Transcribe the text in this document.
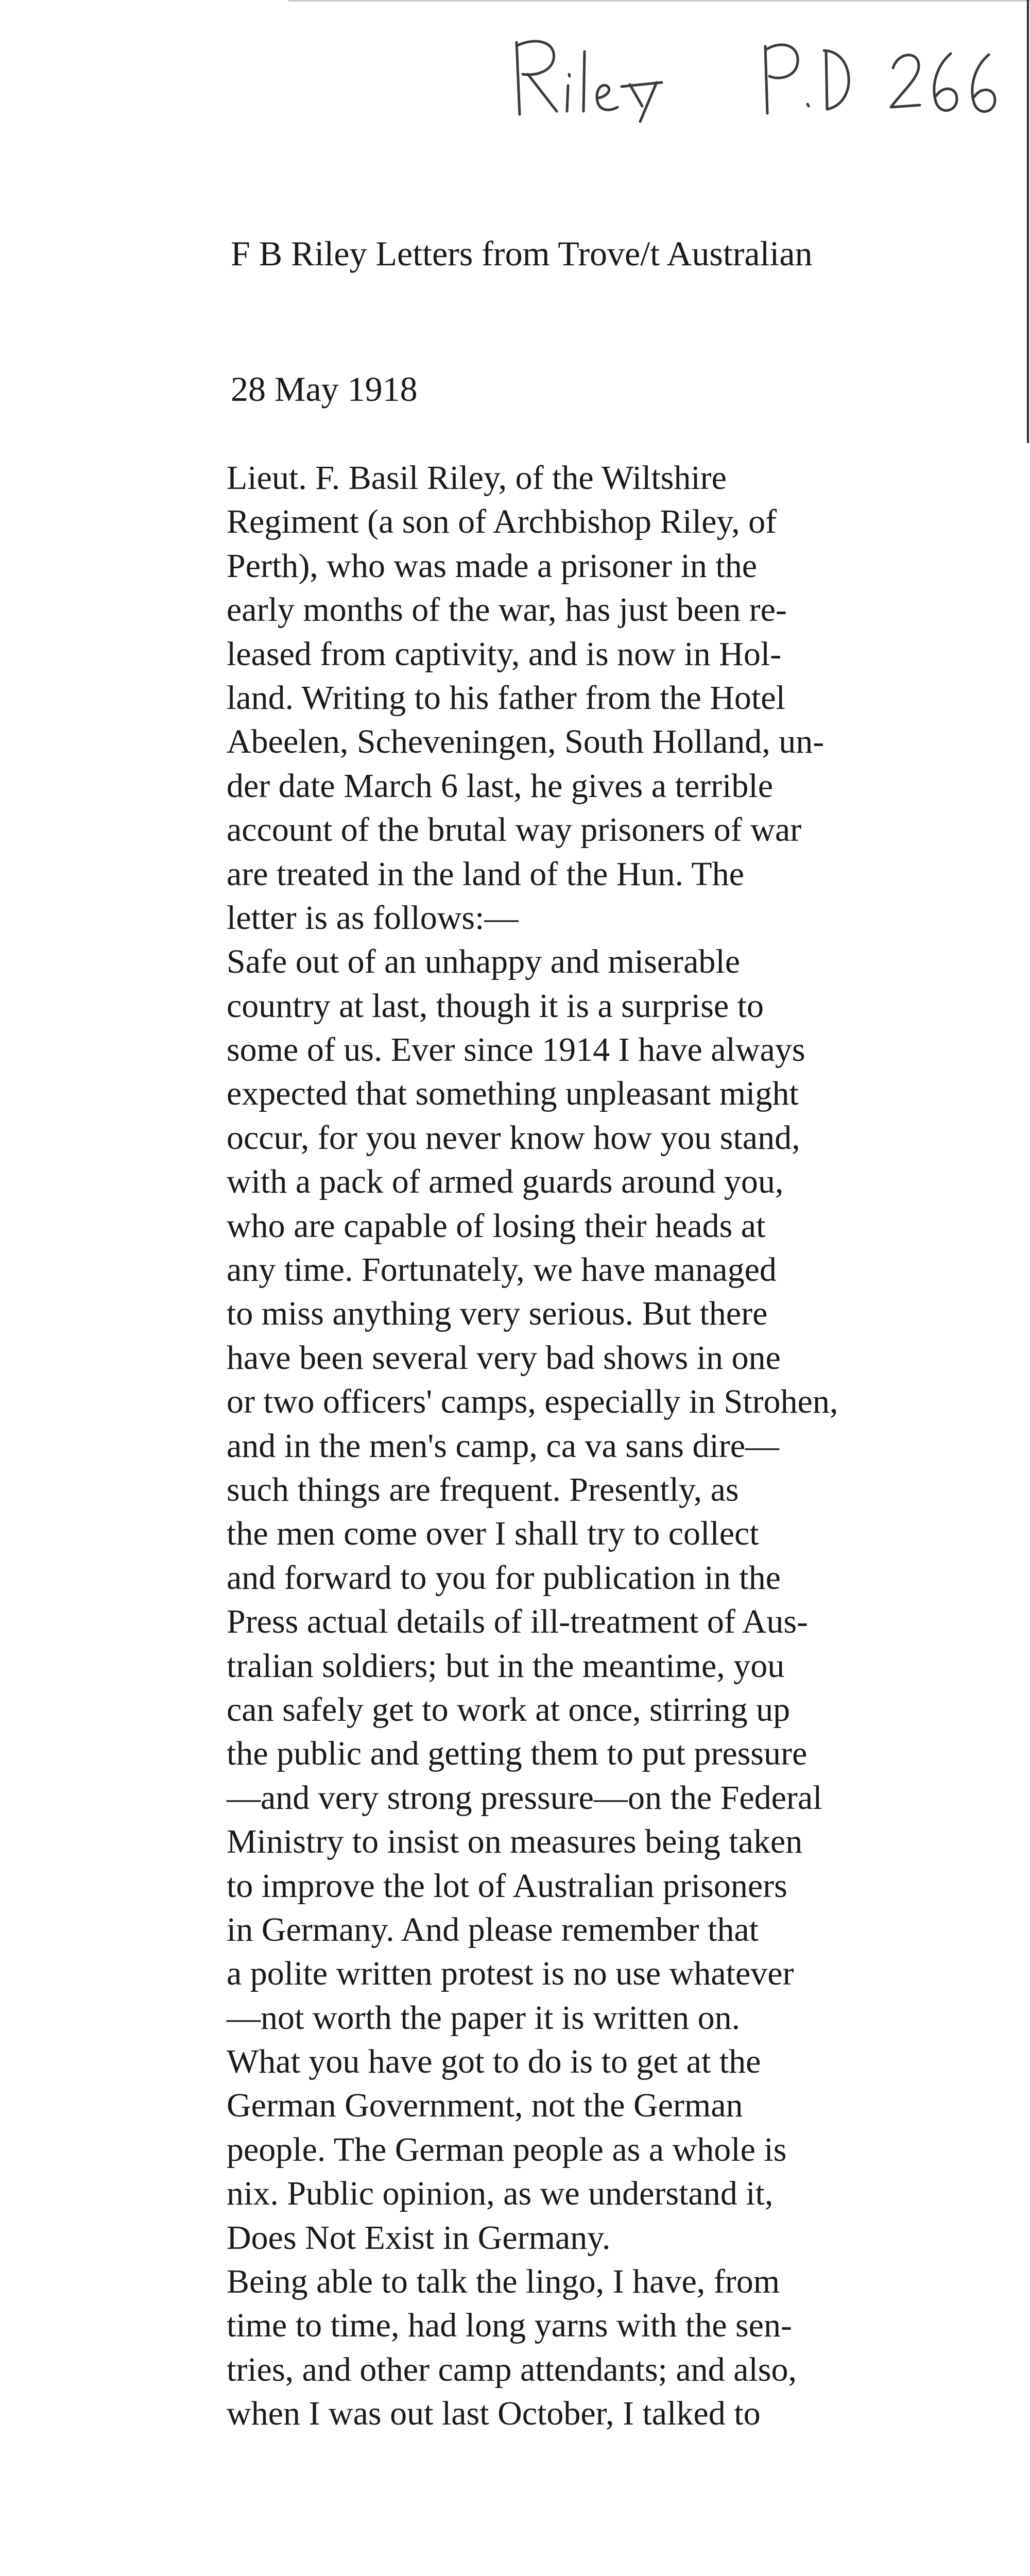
F B Riley Letters from Trove/t Australian
28 May 1918
Lieut. F. Basil Riley, of the Wiltshire
Regiment (a son of Archbishop Riley, of
Perth), who was made a prisoner in the
early months of the war, has just been re-
leased from captivity, and is now in Hol-
land. Writing to his father from the Hotel
Abeelen, Scheveningen, South Holland, un-
der date March 6 last, he gives a terrible
account of the brutal way prisoners of war
are treated in the land of the Hun. The
letter is as follows:—
Safe out of an unhappy and miserable
country at last, though it is a surprise to
some of us. Ever since 1914 I have always
expected that something unpleasant might
occur, for you never know how you stand,
with a pack of armed guards around you,
who are capable of losing their heads at
any time. Fortunately, we have managed
to miss anything very serious. But there
have been several very bad shows in one
or two officers' camps, especially in Strohen,
and in the men's camp, ca va sans dire—
such things are frequent. Presently, as
the men come over I shall try to collect
and forward to you for publication in the
Press actual details of ill-treatment of Aus-
tralian soldiers; but in the meantime, you
can safely get to work at once, stirring up
the public and getting them to put pressure
—and very strong pressure—on the Federal
Ministry to insist on measures being taken
to improve the lot of Australian prisoners
in Germany. And please remember that
a polite written protest is no use whatever
—not worth the paper it is written on.
What you have got to do is to get at the
German Government, not the German
people. The German people as a whole is
nix. Public opinion, as we understand it,
Does Not Exist in Germany.
Being able to talk the lingo, I have, from
time to time, had long yarns with the sen-
tries, and other camp attendants; and also,
when I was out last October, I talked to
